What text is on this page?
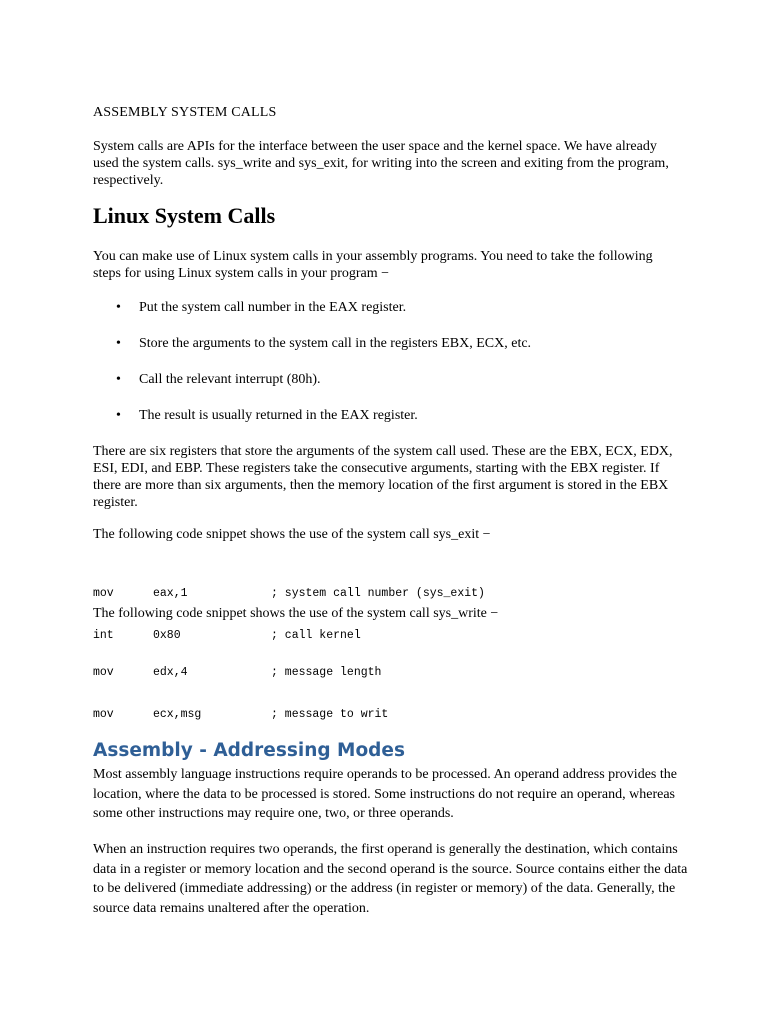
ASSEMBLY SYSTEM CALLS

System calls are APIs for the interface between the user space and the kernel space. We have already used the system calls. sys_write and sys_exit, for writing into the screen and exiting from the program, respectively.

Linux System Calls

You can make use of Linux system calls in your assembly programs. You need to take the following steps for using Linux system calls in your program −

• Put the system call number in the EAX register.
• Store the arguments to the system call in the registers EBX, ECX, etc.
• Call the relevant interrupt (80h).
• The result is usually returned in the EAX register.

There are six registers that store the arguments of the system call used. These are the EBX, ECX, EDX, ESI, EDI, and EBP. These registers take the consecutive arguments, starting with the EBX register. If there are more than six arguments, then the memory location of the first argument is stored in the EBX register.

The following code snippet shows the use of the system call sys_exit −

mov	eax,1	; system call number (sys_exit)

int	0x80	; call kernel

The following code snippet shows the use of the system call sys_write −

mov	edx,4	; message length

mov	ecx,msg	; message to writ

Assembly - Addressing Modes

Most assembly language instructions require operands to be processed. An operand address provides the location, where the data to be processed is stored. Some instructions do not require an operand, whereas some other instructions may require one, two, or three operands.

When an instruction requires two operands, the first operand is generally the destination, which contains data in a register or memory location and the second operand is the source. Source contains either the data to be delivered (immediate addressing) or the address (in register or memory) of the data. Generally, the source data remains unaltered after the operation.
